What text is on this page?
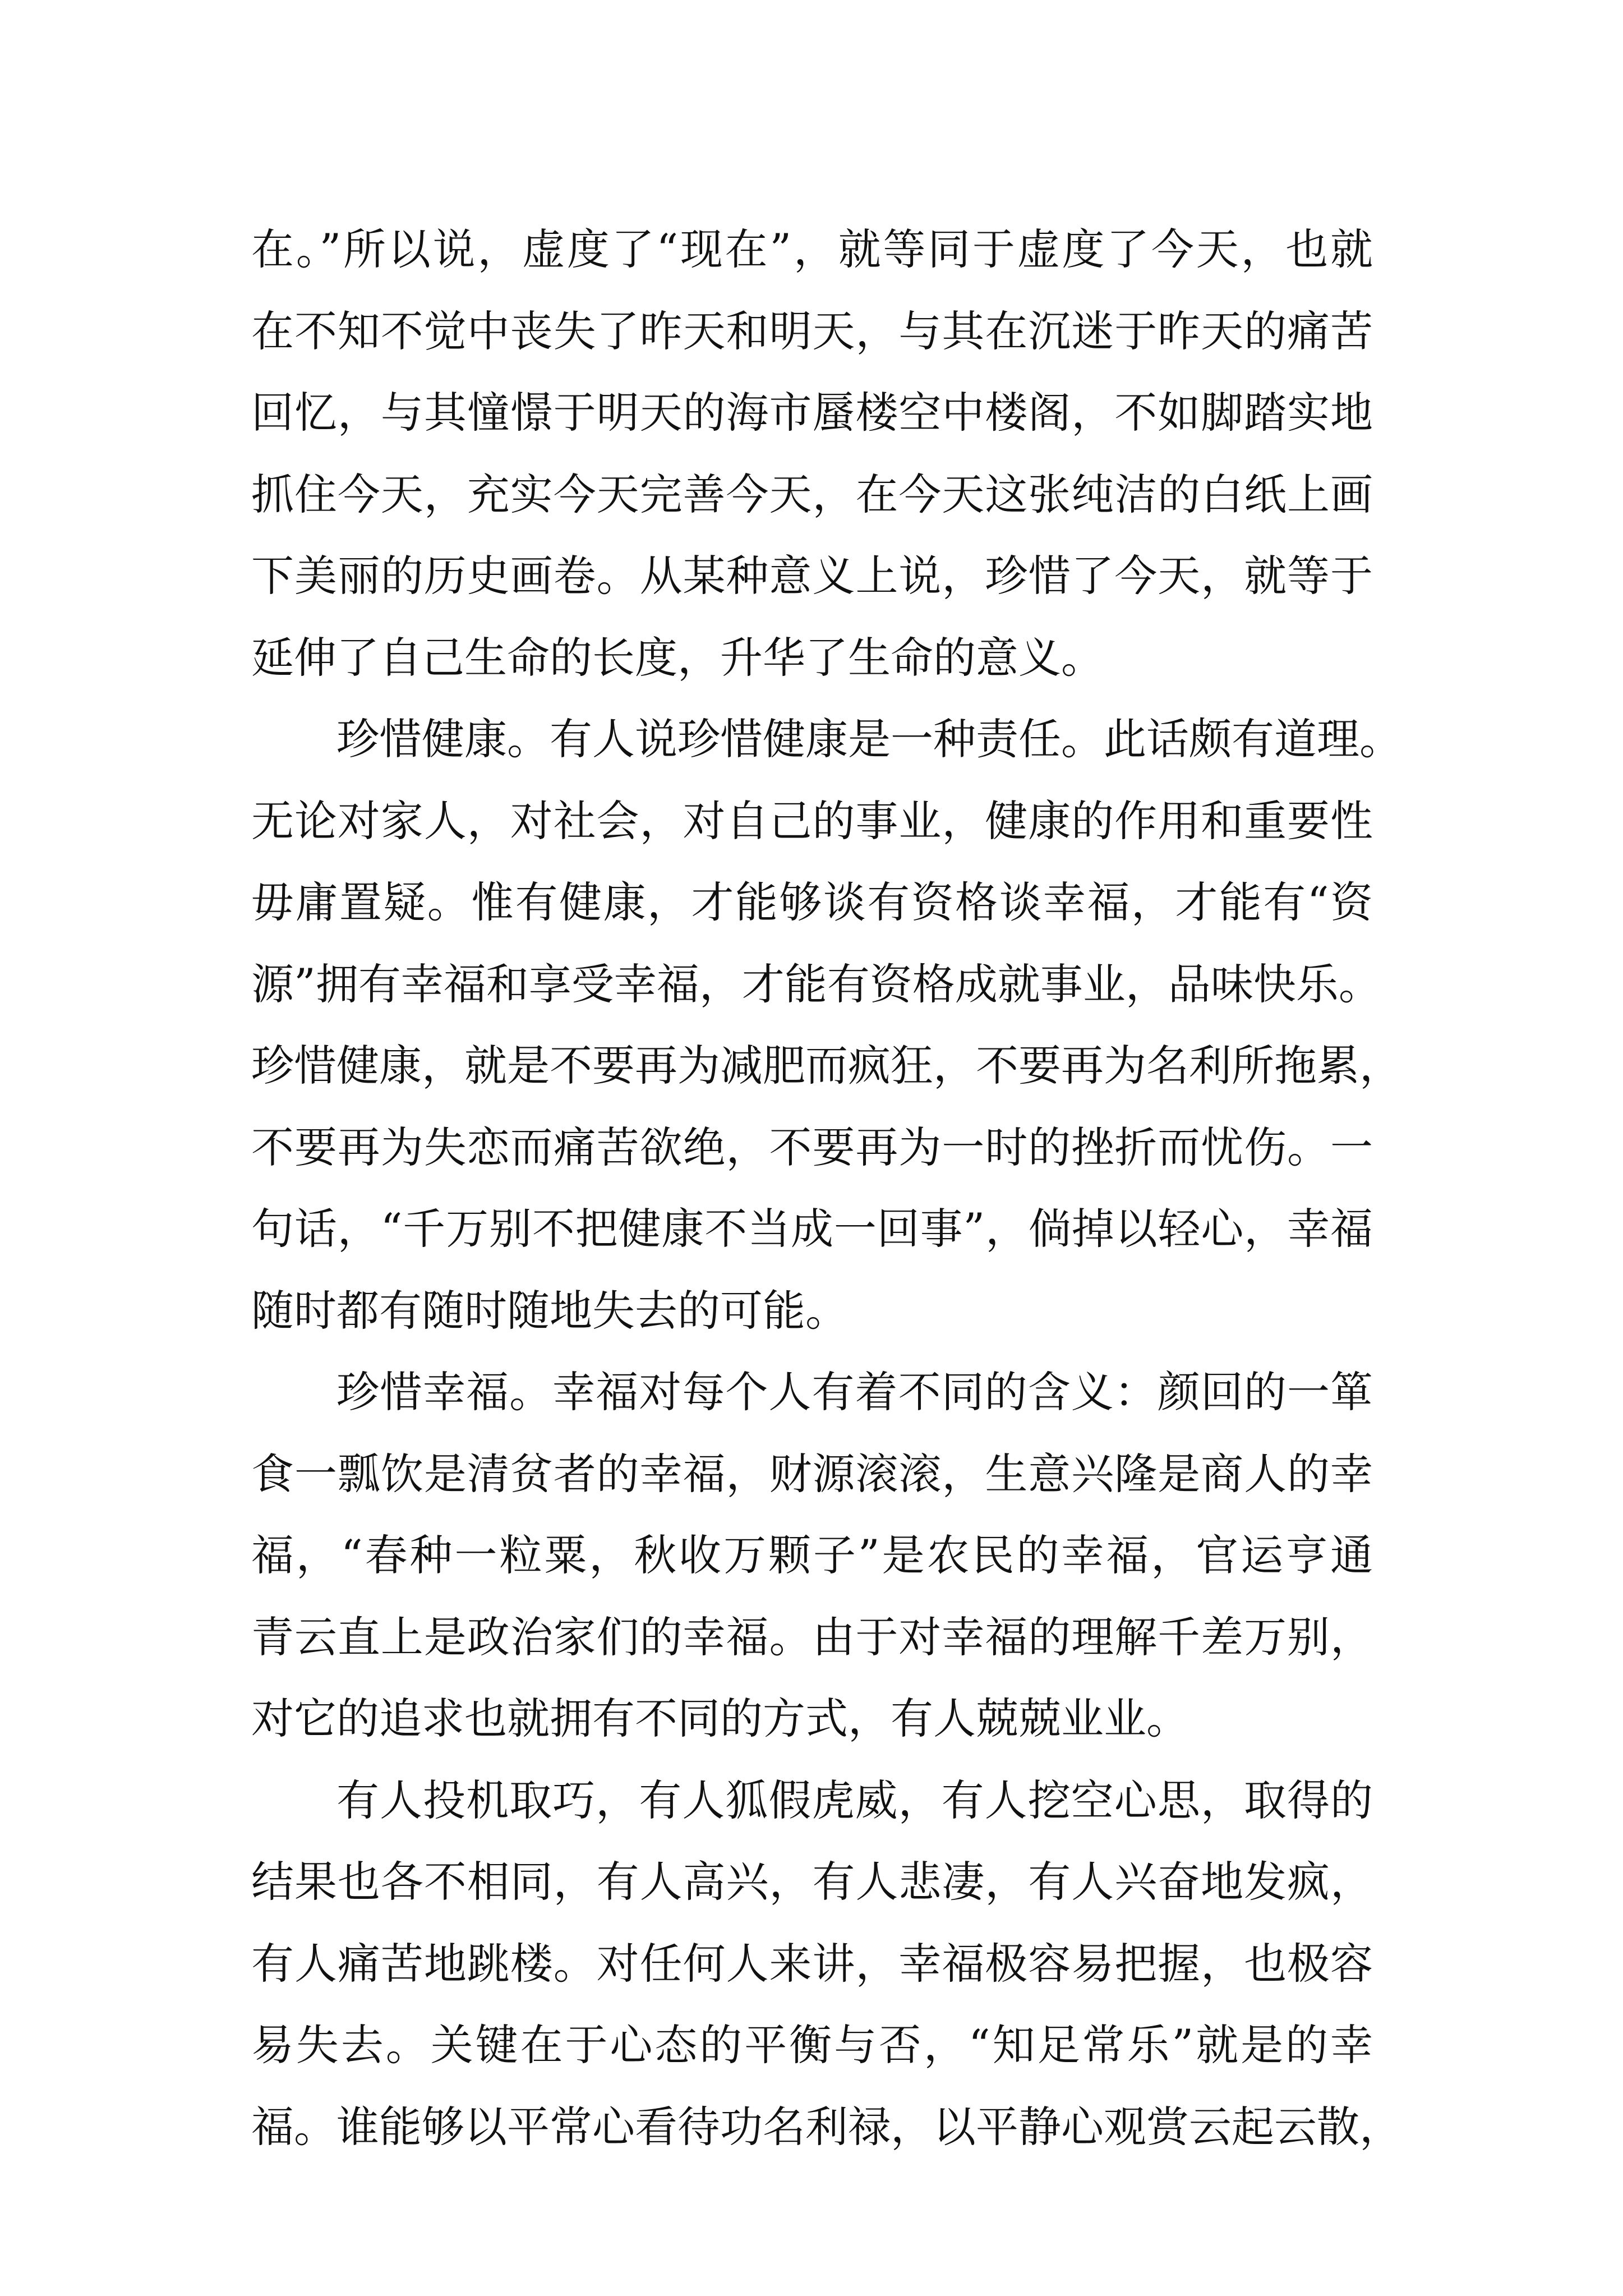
在。”所以说，虚度了“现在”，就等同于虚度了今天，也就
在不知不觉中丧失了昨天和明天，与其在沉迷于昨天的痛苦
回忆，与其憧憬于明天的海市蜃楼空中楼阁，不如脚踏实地
抓住今天，充实今天完善今天，在今天这张纯洁的白纸上画
下美丽的历史画卷。从某种意义上说，珍惜了今天，就等于
延伸了自己生命的长度，升华了生命的意义。
珍惜健康。有人说珍惜健康是一种责任。此话颇有道理。
无论对家人，对社会，对自己的事业，健康的作用和重要性
毋庸置疑。惟有健康，才能够谈有资格谈幸福，才能有“资
源”拥有幸福和享受幸福，才能有资格成就事业，品味快乐。
珍惜健康，就是不要再为减肥而疯狂，不要再为名利所拖累，
不要再为失恋而痛苦欲绝，不要再为一时的挫折而忧伤。一
句话，“千万别不把健康不当成一回事”，倘掉以轻心，幸福
随时都有随时随地失去的可能。
珍惜幸福。幸福对每个人有着不同的含义：颜回的一箪
食一瓢饮是清贫者的幸福，财源滚滚，生意兴隆是商人的幸
福，“春种一粒粟，秋收万颗子”是农民的幸福，官运亨通
青云直上是政治家们的幸福。由于对幸福的理解千差万别，
对它的追求也就拥有不同的方式，有人兢兢业业。
有人投机取巧，有人狐假虎威，有人挖空心思，取得的
结果也各不相同，有人高兴，有人悲凄，有人兴奋地发疯，
有人痛苦地跳楼。对任何人来讲，幸福极容易把握，也极容
易失去。关键在于心态的平衡与否，“知足常乐”就是的幸
福。谁能够以平常心看待功名利禄，以平静心观赏云起云散，
